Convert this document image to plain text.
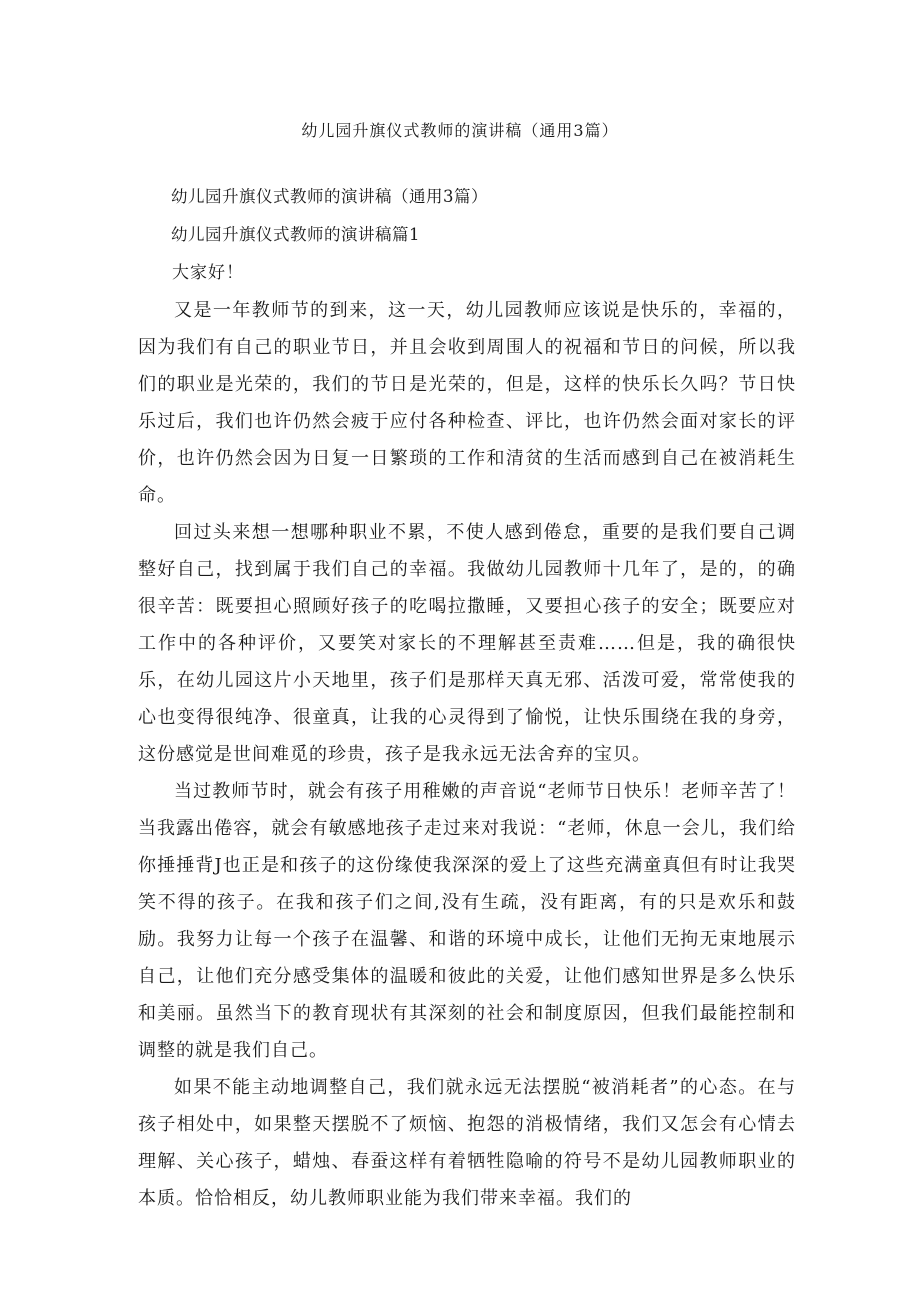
幼儿园升旗仪式教师的演讲稿（通用3篇）

幼儿园升旗仪式教师的演讲稿（通用3篇）

幼儿园升旗仪式教师的演讲稿篇1

大家好！

又是一年教师节的到来，这一天，幼儿园教师应该说是快乐的，幸福的，因为我们有自己的职业节日，并且会收到周围人的祝福和节日的问候，所以我们的职业是光荣的，我们的节日是光荣的，但是，这样的快乐长久吗？节日快乐过后，我们也许仍然会疲于应付各种检查、评比，也许仍然会面对家长的评价，也许仍然会因为日复一日繁琐的工作和清贫的生活而感到自己在被消耗生命。

回过头来想一想哪种职业不累，不使人感到倦怠，重要的是我们要自己调整好自己，找到属于我们自己的幸福。我做幼儿园教师十几年了，是的，的确很辛苦：既要担心照顾好孩子的吃喝拉撒睡，又要担心孩子的安全；既要应对工作中的各种评价，又要笑对家长的不理解甚至责难……但是，我的确很快乐，在幼儿园这片小天地里，孩子们是那样天真无邪、活泼可爱，常常使我的心也变得很纯净、很童真，让我的心灵得到了愉悦，让快乐围绕在我的身旁，这份感觉是世间难觅的珍贵，孩子是我永远无法舍弃的宝贝。

当过教师节时，就会有孩子用稚嫩的声音说“老师节日快乐！老师辛苦了！当我露出倦容，就会有敏感地孩子走过来对我说：“老师，休息一会儿，我们给你捶捶背J也正是和孩子的这份缘使我深深的爱上了这些充满童真但有时让我哭笑不得的孩子。在我和孩子们之间,没有生疏，没有距离，有的只是欢乐和鼓励。我努力让每一个孩子在温馨、和谐的环境中成长，让他们无拘无束地展示自己，让他们充分感受集体的温暖和彼此的关爱，让他们感知世界是多么快乐和美丽。虽然当下的教育现状有其深刻的社会和制度原因，但我们最能控制和调整的就是我们自己。

如果不能主动地调整自己，我们就永远无法摆脱“被消耗者”的心态。在与孩子相处中，如果整天摆脱不了烦恼、抱怨的消极情绪，我们又怎会有心情去理解、关心孩子，蜡烛、春蚕这样有着牺牲隐喻的符号不是幼儿园教师职业的本质。恰恰相反，幼儿教师职业能为我们带来幸福。我们的
